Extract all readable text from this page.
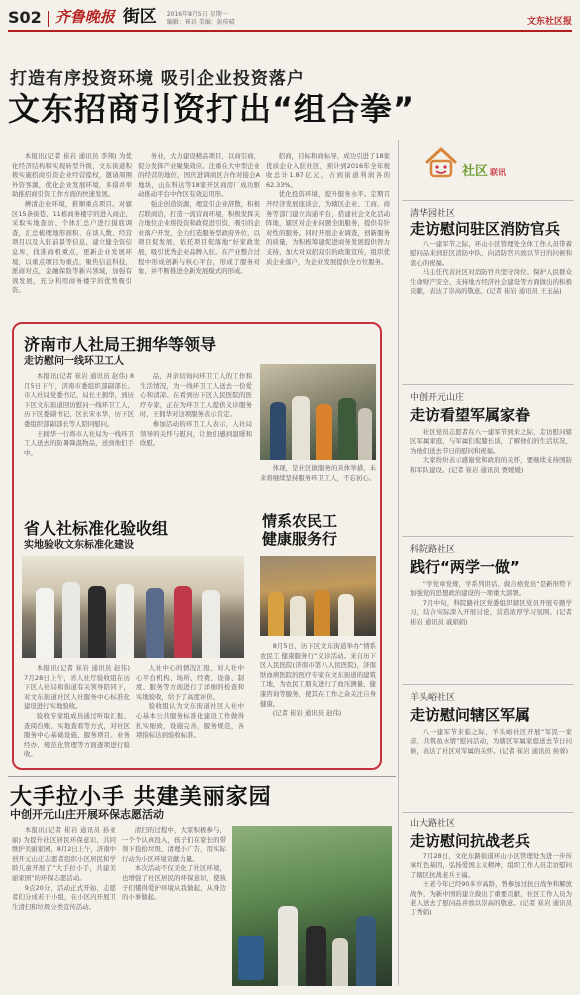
S02 齐鲁晚报 街区 2016年8月5日 星期一
编辑：崔岩 美编：彭传晴	文东社区报
打造有序投资环境 吸引企业投资落户
文东招商引资打出“组合拳”

本报讯(记者 崔岩 通讯员 李翔) 为优化经济结构和实现转型升级，文东街道积极实施招商引资企业经营提权，邀请周围外资客源，优化企业发展环境，多措并举助推招商引资工作方面的快速发展。

搏清企业环境，推顺重点项目。对辖区15条街巷、11栋商务楼宇的进入商企，采取实地查访、个体汇总户进行摸底调查，汇总梳理地形面积、在谈人数、经营项目以及入驻前景等信息，建立健全资信息库，找准商机重点，更新企业发展环境，以重点项目为重点，聚焦信息科技，派商对点，金融保险等新兴领域，加强有效发展，充分利用商务楼宇的优势吸引资。

务业，大力建设精品项目，以商引商，促分发挥产业聚集效应。注重在大中型企业的经营的地位，国庆进调商区合作对接会A地块，山东科达等18家开区商房厂成功驱动推动平台中作区有效运用形。

强企创造资源，理宣引企业辞散，积极召联商洽，打造一流营商环境，积极发挥关合地位企业将投资和政促进引资，吸引的企业落户开发，全力打造服务型政府外位，以项目促发展，依托项目促落地“好家政发展，吸引优秀企业品牌入驻。在产业整合过程中形成创新与核心平台，形成了服务对象，并不断推进全新发展模式的形成。

招商，目标和商标导，成功引进了18家优质企业入驻社区，预计到2016年全年税收总计1.87亿元，占到街道利润各的62.33%。

优化投资环境，提升服务水平。定期召开经济发展座谈会，为辖区企业、工商、商务等部门建立沟通平台，搭建社会文化活动阵地，辖区对企业问题全面服务，提供有针对性的服务。同时开展企业调查，创新服务的质量，为积极筹建促进商务发展提供智力支持，加大对双招双引的政策宣传，组织优质企业落户，为企业发展提供全方位服务。

济南市人社局王拥华等领导
走访慰问一线环卫工人

本报讯(记者 崔岩 通讯员 赵伟) 8月5日下午，济南市委组织部副部长、市人社局党委书记、局长王拥华，到历下区文东街道回访慰问一线环卫工人，历下区委副书记、区长宋永华，历下区委组织部副部长等人陪同慰问。

王拥华一行将市人社局为一线环卫工人送去的防暑降温物品，送到他们手中。

品，并亲切询问环卫工人的工作和生活情况，为一线环卫工人送去一份爱心和清凉。在看到历下区人民医院的医疗专家，正在为环卫工人提供义诊服务时，王拥华对这项服务表示肯定。

参加活动的环卫工人表示，人社局领导的关怀与慰问，让他们感到温暖和欣慰。

体现，是社区做服务的具体举措，未来将继续坚持服务环卫工人，不忘初心。

省人社标准化验收组
实地验收文东标准化建设
情系农民工
健康服务行

本报讯(记者 崔岩 通讯员 赵伟) 7月28日上午，省人社厅验收组在历下区人社局和街道有关领导陪同下，对文东街道社区人社服务中心标准化建设进行实地验收。

验收专家组成员通过听取汇报、查阅台账、实地查看等方式，对社区服务中心基础设施、服务项目、业务经办、规范化管理等方面逐项进行验收。

人社中心的情况汇报，对人社中心平台机构、场所、经费、设备、制度、服务等方面进行了详细的检查和实地验收，给予了高度评价。

验收组认为文东街道社区人社中心基本公共服务标准化建设工作做得扎实细致，设施完善，服务规范，各项指标达到验收标准。

8月5日，历下区文东街道举办“情系农民工 健康服务行”义诊活动。来自历下区人民医院(济南市第八人民医院)，济南肤血病医院的医疗专家在文东街道的建筑工地，为农民工朋友进行了血压测量、健康咨询等服务，使其在工作之余关注自身健康。

(记者 崔岩 通讯员 赵伟)

社区 联讯
清华园社区
走访慰问驻区消防官兵

八一建军节之际，环山小区管理处全体工作人员带着慰问品来到驻区消防中队，向消防官兵致以节日的问候和衷心的祝福。

马主任代表社区对消防官兵坚守岗位、保护人民群众生命财产安全、支持地方经济社会建设等方面做出的积极贡献，表达了崇高的敬意。(记者 崔岩 通讯员 王玉晶)

中创开元山庄
走访看望军属家眷

社区党员志愿者在八一建军节到来之际，走访慰问辖区军属家庭，与军属们促膝长谈，了解他们的生活状况，为他们送去节日的慰问和祝福。

大家纷纷表示感谢党和政府的关怀，要继续支持国防和军队建设。(记者 崔岩 通讯员 贾媛媛)

科院路社区
践行“两学一做”

“学党章党规、学系列讲话、做合格党员”是新形势下加强党的思想政治建设的一项重大部署。

7月中旬，科院路社区党委组织辖区党员开展专题学习，结合实际深入开展讨论，营造浓厚学习氛围。(记者 崔岩 通讯员 戚娟娟)

羊头峪社区
走访慰问辖区军属

八一建军节来临之际，羊头峪社区开展“军民一家亲，共筑鱼水情”慰问活动，为辖区军属家庭送去节日问候，表达了社区对军属的关怀。(记者 崔岩 通讯员 侯蓉)

山大路社区
走访慰问抗战老兵

7月28日，文化东路街道环山小区管理处为进一步传承红色基因，弘扬爱国主义精神，组织工作人员走访慰问了辖区抗战老兵王福。

王老今年已经90多岁高龄，曾参加过抗日战争和解放战争，为新中国的建立做出了重要贡献，社区工作人员为老人送去了慰问品并致以崇高的敬意。(记者 崔岩 通讯员 丁秀娟)

大手拉小手 共建美丽家园
中创开元山庄开展环保志愿活动

本报讯(记者 崔岩 通讯员 孙亚丽) 为提升社区居民环保意识，共同维护美丽家园，8月2日上午，济南中创开元山庄志愿者组织小区居民和学龄儿童开展了“大手拉小手，共建美丽家园”的环保志愿活动。

9点20分，活动正式开始，志愿者们分成若干小组，在小区内开展卫生清扫和垃圾分类宣传活动。

清扫的过程中，大家积极参与，一个个认真投入，孩子们在家长的带领下捡拾垃圾、清理小广告，用实际行动为小区环境贡献力量。

本次活动不仅美化了社区环境，也增强了社区居民的环保意识，使孩子们懂得爱护环境从我做起，从身边的小事做起。
